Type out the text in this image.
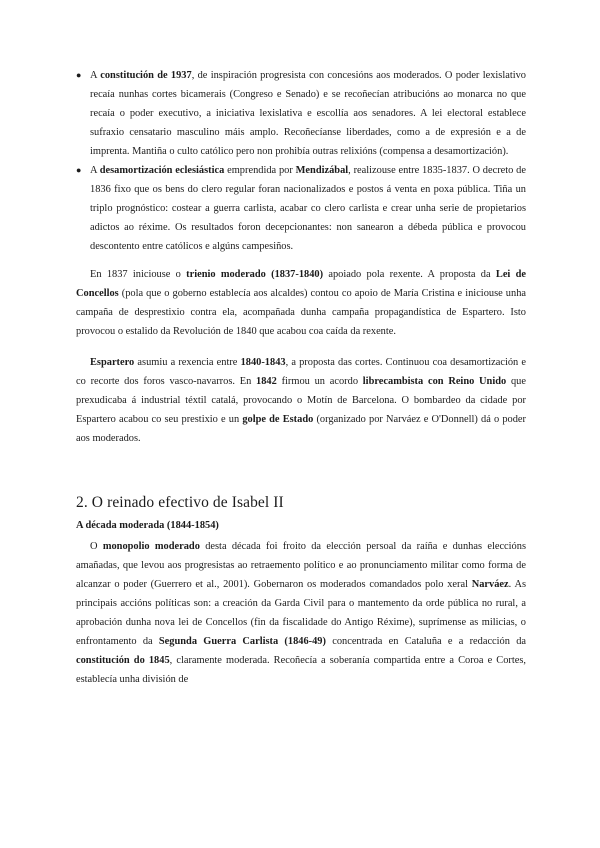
● A constitución de 1937, de inspiración progresista con concesións aos moderados. O poder lexislativo recaía nunhas cortes bicamerais (Congreso e Senado) e se recoñecían atribucións ao monarca no que recaía o poder executivo, a iniciativa lexislativa e escollía aos senadores. A lei electoral establece sufraxio censatario masculino máis amplo. Recoñecíanse liberdades, como a de expresión e a de imprenta. Mantiña o culto católico pero non prohibía outras relixións (compensa a desamortización).
● A desamortización eclesiástica emprendida por Mendizábal, realizouse entre 1835-1837. O decreto de 1836 fixo que os bens do clero regular foran nacionalizados e postos á venta en poxa pública. Tiña un triplo prognóstico: costear a guerra carlista, acabar co clero carlista e crear unha serie de propietarios adictos ao réxime. Os resultados foron decepcionantes: non sanearon a débeda pública e provocou descontento entre católicos e algúns campesiños.

En 1837 iniciouse o trienio moderado (1837-1840) apoiado pola rexente. A proposta da Lei de Concellos (pola que o goberno establecía aos alcaldes) contou co apoio de María Cristina e iniciouse unha campaña de desprestixio contra ela, acompañada dunha campaña propagandística de Espartero. Isto provocou o estalido da Revolución de 1840 que acabou coa caída da rexente.

Espartero asumiu a rexencia entre 1840-1843, a proposta das cortes. Continuou coa desamortización e co recorte dos foros vasco-navarros. En 1842 firmou un acordo librecambista con Reino Unido que prexudicaba á industrial téxtil catalá, provocando o Motín de Barcelona. O bombardeo da cidade por Espartero acabou co seu prestixio e un golpe de Estado (organizado por Narváez e O'Donnell) dá o poder aos moderados.

2. O reinado efectivo de Isabel II
A década moderada (1844-1854)

O monopolio moderado desta década foi froito da elección persoal da raíña e dunhas eleccións amañadas, que levou aos progresistas ao retraemento político e ao pronunciamento militar como forma de alcanzar o poder (Guerrero et al., 2001). Gobernaron os moderados comandados polo xeral Narváez. As principais accións políticas son: a creación da Garda Civil para o mantemento da orde pública no rural, a aprobación dunha nova lei de Concellos (fin da fiscalidade do Antigo Réxime), suprímense as milicias, o enfrontamento da Segunda Guerra Carlista (1846-49) concentrada en Cataluña e a redacción da constitución do 1845, claramente moderada. Recoñecía a soberanía compartida entre a Coroa e Cortes, establecía unha división de
